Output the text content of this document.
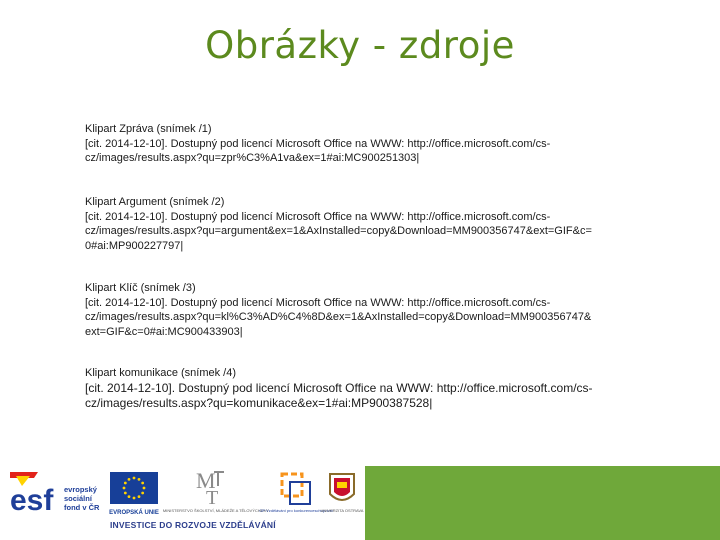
Obrázky - zdroje
Klipart Zpráva (snímek /1)
[cit. 2014-12-10]. Dostupný pod licencí Microsoft Office na WWW: http://office.microsoft.com/cs-
cz/images/results.aspx?qu=zpr%C3%A1va&ex=1#ai:MC900251303|
Klipart Argument (snímek /2)
[cit. 2014-12-10]. Dostupný pod licencí Microsoft Office na WWW: http://office.microsoft.com/cs-
cz/images/results.aspx?qu=argument&ex=1&AxInstalled=copy&Download=MM900356747&ext=GIF&c=
0#ai:MP900227797|
Klipart Klíč (snímek /3)
[cit. 2014-12-10]. Dostupný pod licencí Microsoft Office na WWW: http://office.microsoft.com/cs-
cz/images/results.aspx?qu=kl%C3%AD%C4%8D&ex=1&AxInstalled=copy&Download=MM900356747&
ext=GIF&c=0#ai:MC900433903|
Klipart komunikace (snímek /4)
[cit. 2014-12-10]. Dostupný pod licencí Microsoft Office na WWW: http://office.microsoft.com/cs-
cz/images/results.aspx?qu=komunikace&ex=1#ai:MP900387528|
esf evropský
sociální
fond v ČR
EVROPSKÁ UNIE
M
T
MINISTERSTVO ŠKOLSTVÍ, MLÁDEŽE A TĚLOVÝCHOVY
OP Vzdělávání pro konkurenceschopnost
UNIVERZITA OSTRAVA
INVESTICE DO ROZVOJE VZDĚLÁVÁNÍ
